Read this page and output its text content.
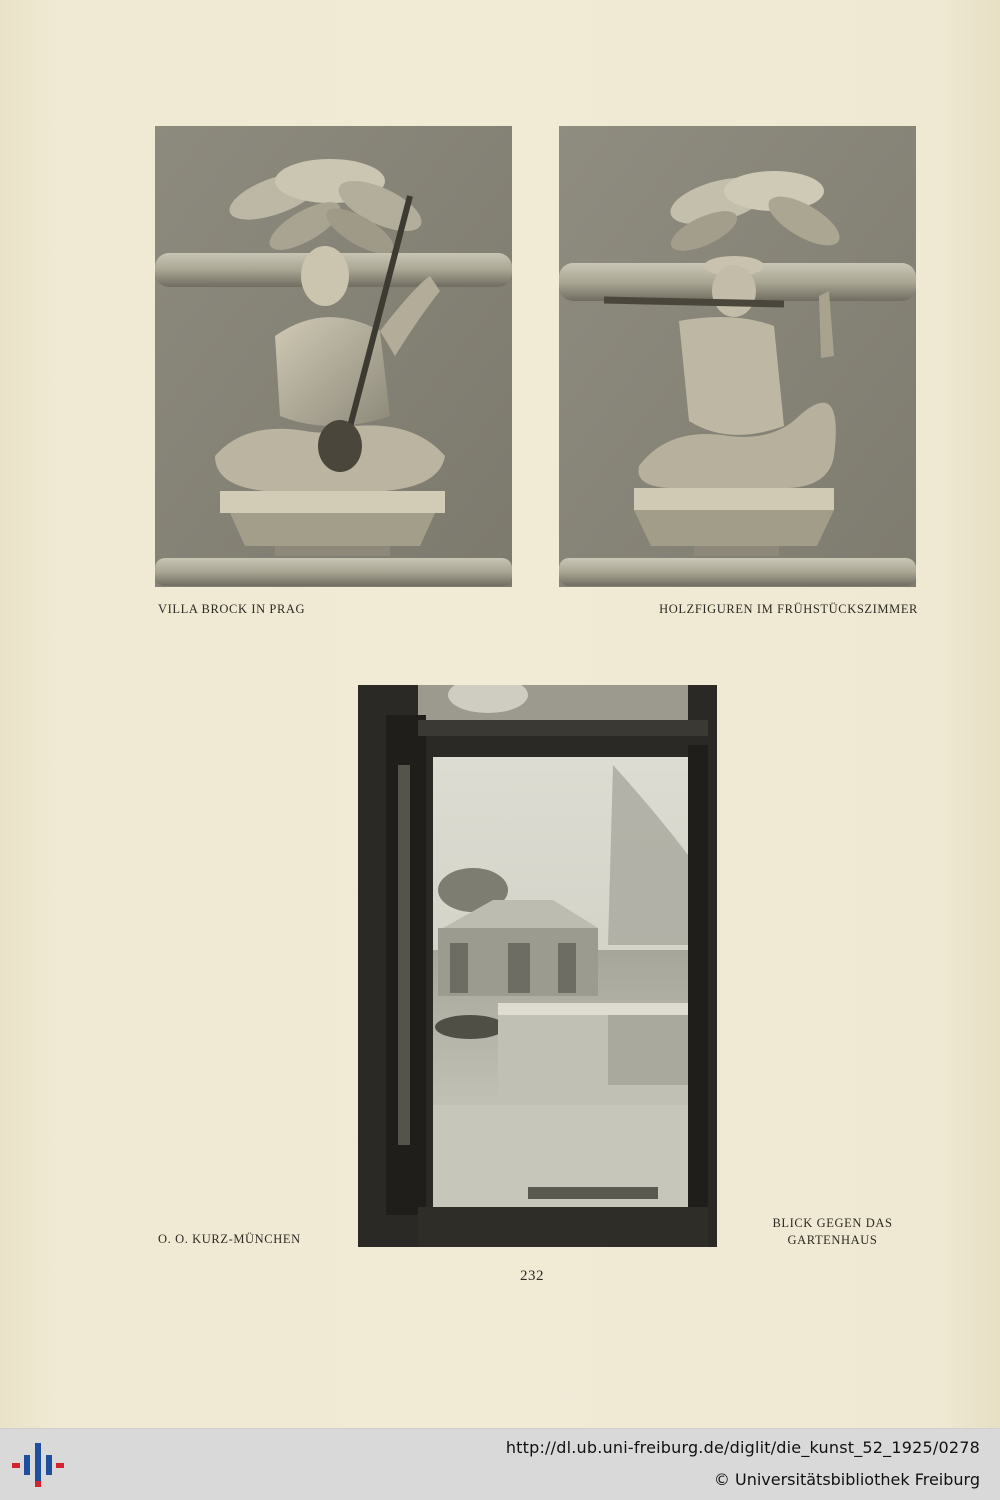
VILLA BROCK IN PRAG	HOLZFIGUREN IM FRÜHSTÜCKSZIMMER
O. O. KURZ-MÜNCHEN
BLICK GEGEN DAS GARTENHAUS
232
http://dl.ub.uni-freiburg.de/diglit/die_kunst_52_1925/0278
© Universitätsbibliothek Freiburg
